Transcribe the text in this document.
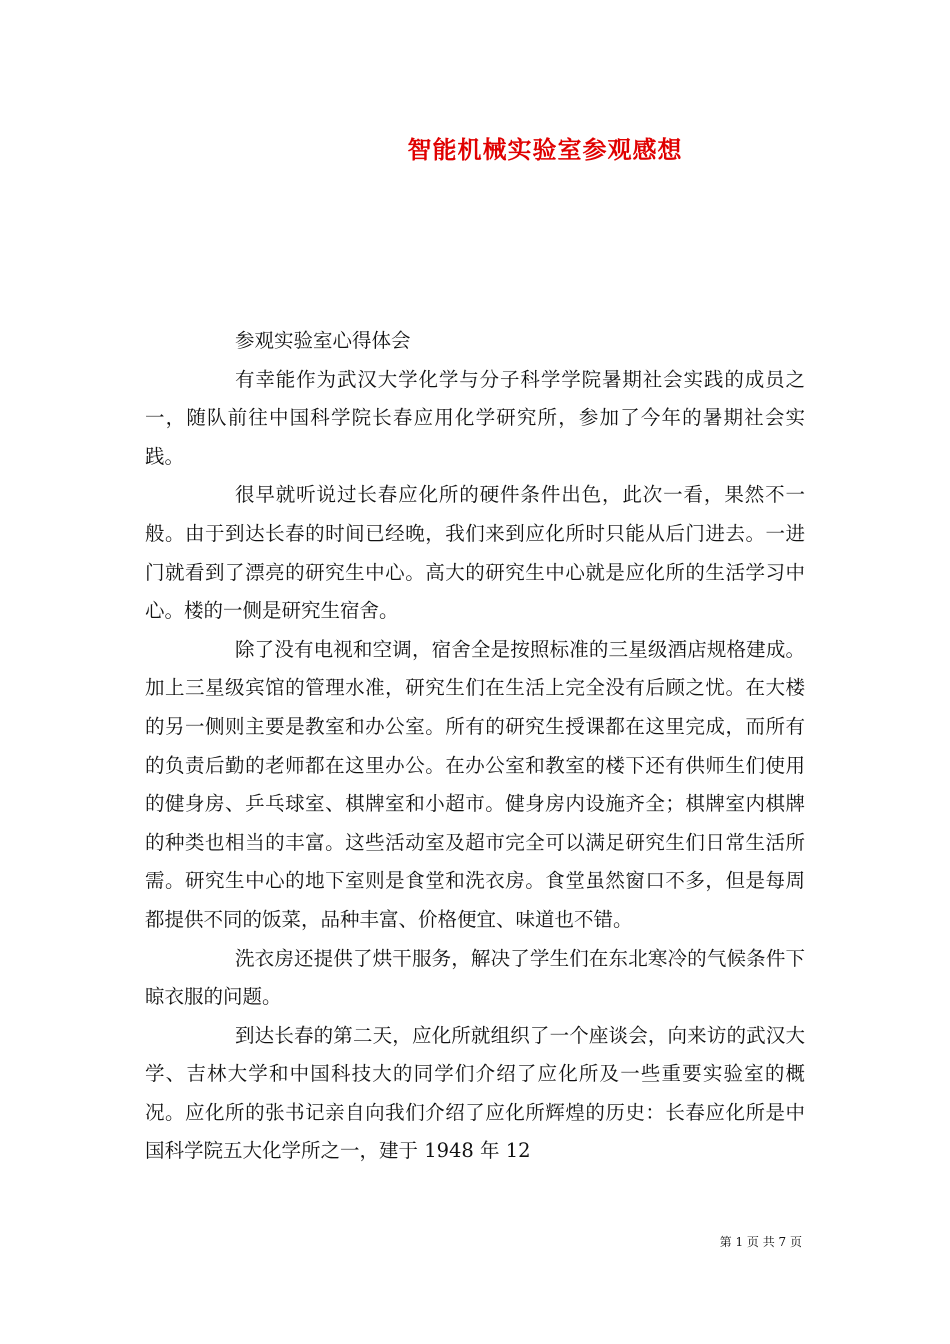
智能机械实验室参观感想

参观实验室心得体会

有幸能作为武汉大学化学与分子科学学院暑期社会实践的成员之一，随队前往中国科学院长春应用化学研究所，参加了今年的暑期社会实践。

很早就听说过长春应化所的硬件条件出色，此次一看，果然不一般。由于到达长春的时间已经晚，我们来到应化所时只能从后门进去。一进门就看到了漂亮的研究生中心。高大的研究生中心就是应化所的生活学习中心。楼的一侧是研究生宿舍。

除了没有电视和空调，宿舍全是按照标准的三星级酒店规格建成。加上三星级宾馆的管理水准，研究生们在生活上完全没有后顾之忧。在大楼的另一侧则主要是教室和办公室。所有的研究生授课都在这里完成，而所有的负责后勤的老师都在这里办公。在办公室和教室的楼下还有供师生们使用的健身房、乒乓球室、棋牌室和小超市。健身房内设施齐全；棋牌室内棋牌的种类也相当的丰富。这些活动室及超市完全可以满足研究生们日常生活所需。研究生中心的地下室则是食堂和洗衣房。食堂虽然窗口不多，但是每周都提供不同的饭菜，品种丰富、价格便宜、味道也不错。

洗衣房还提供了烘干服务，解决了学生们在东北寒冷的气候条件下晾衣服的问题。

到达长春的第二天，应化所就组织了一个座谈会，向来访的武汉大学、吉林大学和中国科技大的同学们介绍了应化所及一些重要实验室的概况。应化所的张书记亲自向我们介绍了应化所辉煌的历史：长春应化所是中国科学院五大化学所之一，建于 1948 年 12

第 1 页 共 7 页
